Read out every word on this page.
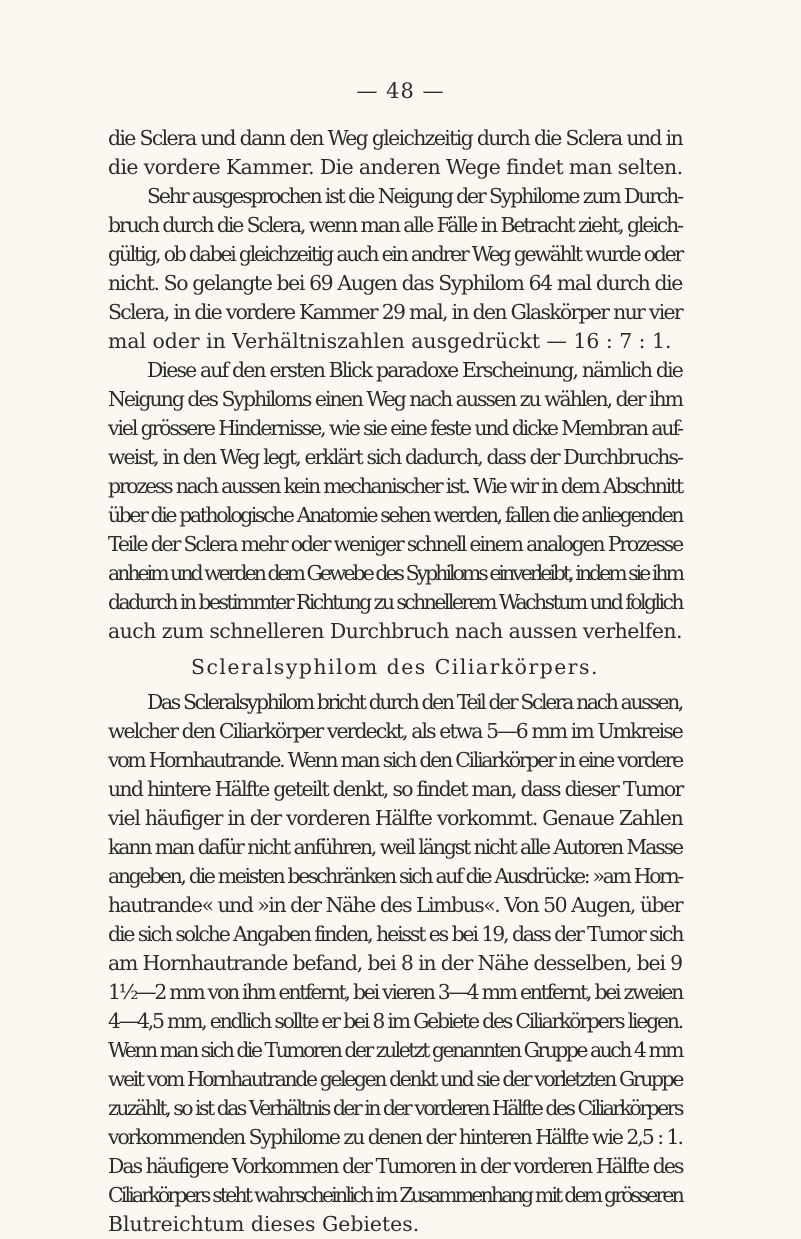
— 48 —
die Sclera und dann den Weg gleichzeitig durch die Sclera und in
die vordere Kammer. Die anderen Wege findet man selten.
Sehr ausgesprochen ist die Neigung der Syphilome zum Durch-
bruch durch die Sclera, wenn man alle Fälle in Betracht zieht, gleich-
gültig, ob dabei gleichzeitig auch ein andrer Weg gewählt wurde oder
nicht. So gelangte bei 69 Augen das Syphilom 64 mal durch die
Sclera, in die vordere Kammer 29 mal, in den Glaskörper nur vier
mal oder in Verhältniszahlen ausgedrückt — 16 : 7 : 1.
Diese auf den ersten Blick paradoxe Erscheinung, nämlich die
Neigung des Syphiloms einen Weg nach aussen zu wählen, der ihm
viel grössere Hindernisse, wie sie eine feste und dicke Membran auf-
weist, in den Weg legt, erklärt sich dadurch, dass der Durchbruchs-
prozess nach aussen kein mechanischer ist. Wie wir in dem Abschnitt
über die pathologische Anatomie sehen werden, fallen die anliegenden
Teile der Sclera mehr oder weniger schnell einem analogen Prozesse
anheim und werden dem Gewebe des Syphiloms einverleibt, indem sie ihm
dadurch in bestimmter Richtung zu schnellerem Wachstum und folglich
auch zum schnelleren Durchbruch nach aussen verhelfen.
Scleralsyphilom des Ciliarkörpers.
Das Scleralsyphilom bricht durch den Teil der Sclera nach aussen,
welcher den Ciliarkörper verdeckt, als etwa 5—6 mm im Umkreise
vom Hornhautrande. Wenn man sich den Ciliarkörper in eine vordere
und hintere Hälfte geteilt denkt, so findet man, dass dieser Tumor
viel häufiger in der vorderen Hälfte vorkommt. Genaue Zahlen
kann man dafür nicht anführen, weil längst nicht alle Autoren Masse
angeben, die meisten beschränken sich auf die Ausdrücke: »am Horn-
hautrande« und »in der Nähe des Limbus«. Von 50 Augen, über
die sich solche Angaben finden, heisst es bei 19, dass der Tumor sich
am Hornhautrande befand, bei 8 in der Nähe desselben, bei 9
1½—2 mm von ihm entfernt, bei vieren 3—4 mm entfernt, bei zweien
4—4,5 mm, endlich sollte er bei 8 im Gebiete des Ciliarkörpers liegen.
Wenn man sich die Tumoren der zuletzt genannten Gruppe auch 4 mm
weit vom Hornhautrande gelegen denkt und sie der vorletzten Gruppe
zuzählt, so ist das Verhältnis der in der vorderen Hälfte des Ciliarkörpers
vorkommenden Syphilome zu denen der hinteren Hälfte wie 2,5 : 1.
Das häufigere Vorkommen der Tumoren in der vorderen Hälfte des
Ciliarkörpers steht wahrscheinlich im Zusammenhang mit dem grösseren
Blutreichtum dieses Gebietes.
